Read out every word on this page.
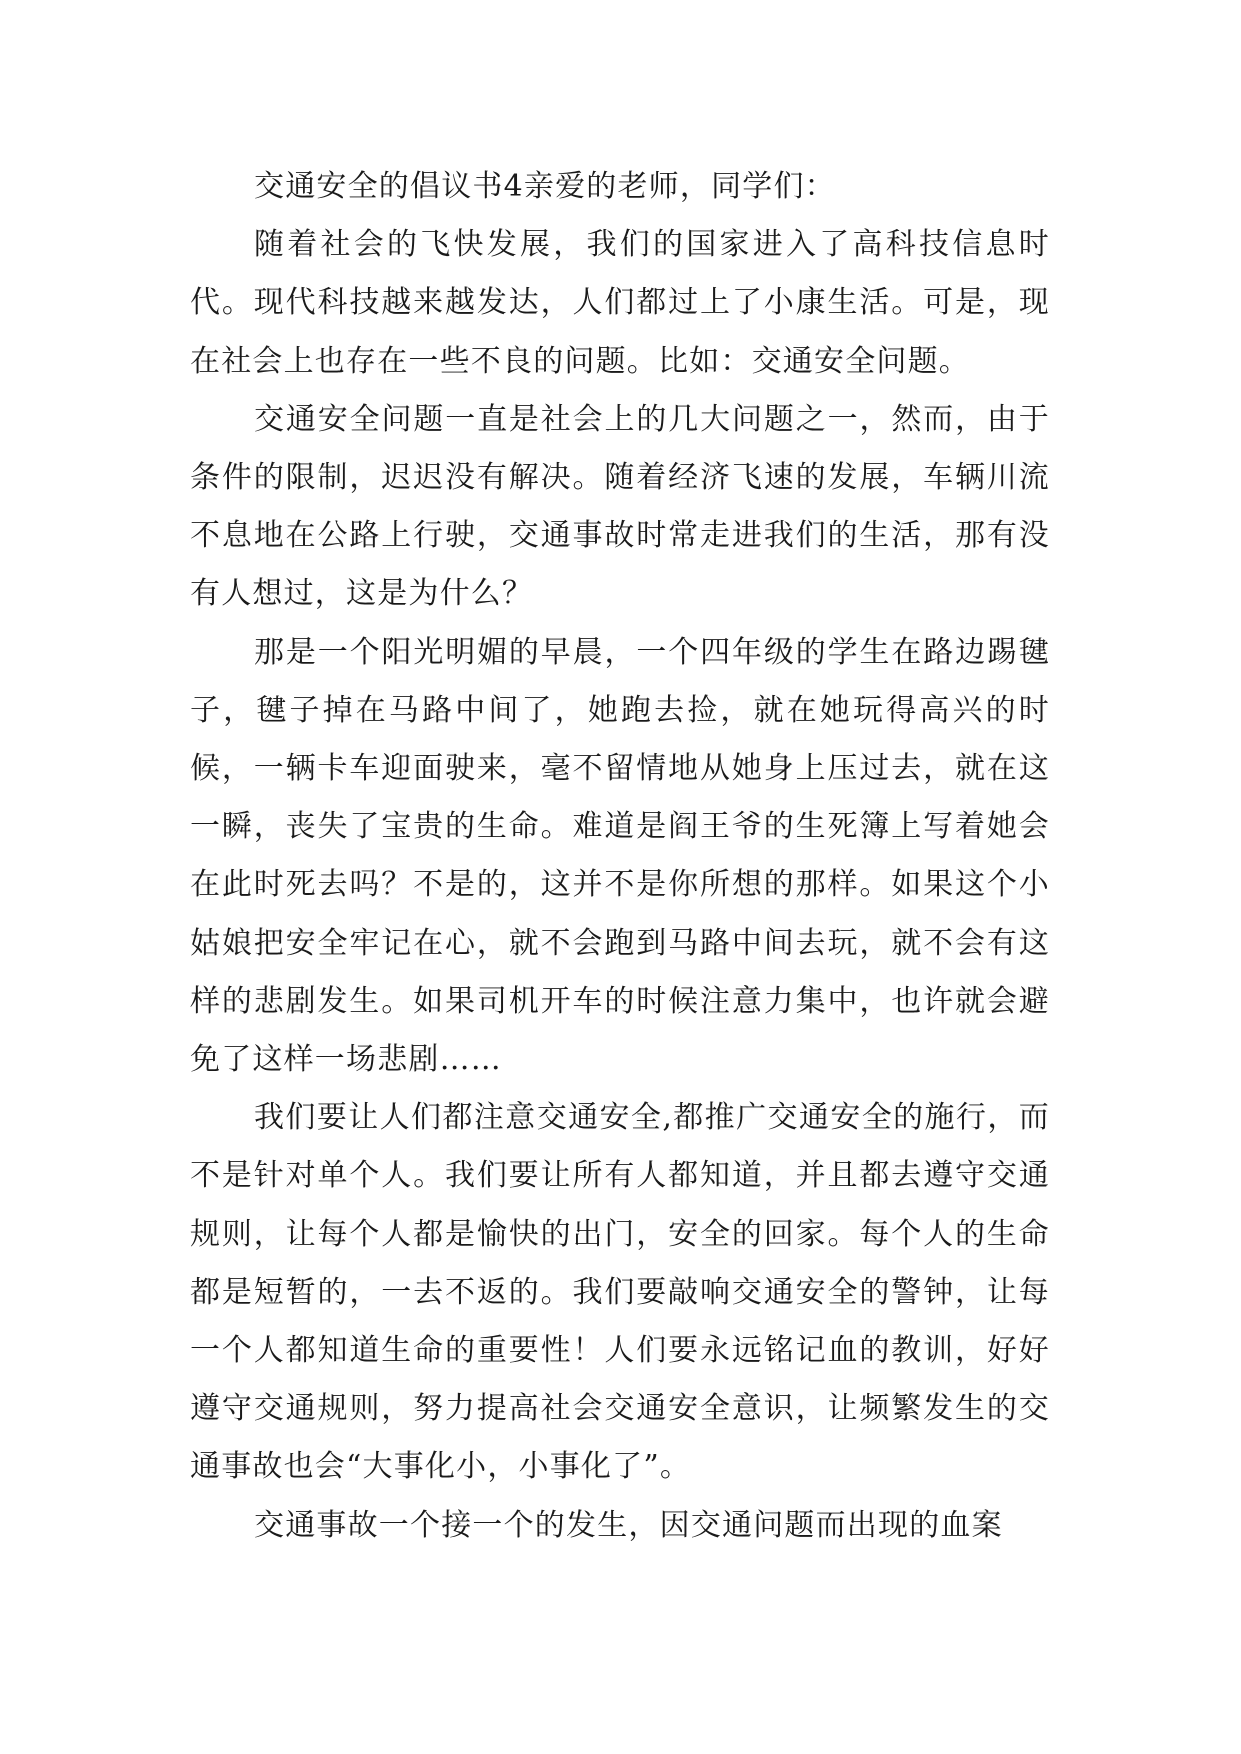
交通安全的倡议书4亲爱的老师，同学们：

随着社会的飞快发展，我们的国家进入了高科技信息时代。现代科技越来越发达，人们都过上了小康生活。可是，现在社会上也存在一些不良的问题。比如：交通安全问题。

交通安全问题一直是社会上的几大问题之一，然而，由于条件的限制，迟迟没有解决。随着经济飞速的发展，车辆川流不息地在公路上行驶，交通事故时常走进我们的生活，那有没有人想过，这是为什么？

那是一个阳光明媚的早晨，一个四年级的学生在路边踢毽子，毽子掉在马路中间了，她跑去捡，就在她玩得高兴的时候，一辆卡车迎面驶来，毫不留情地从她身上压过去，就在这一瞬，丧失了宝贵的生命。难道是阎王爷的生死簿上写着她会在此时死去吗？不是的，这并不是你所想的那样。如果这个小姑娘把安全牢记在心，就不会跑到马路中间去玩，就不会有这样的悲剧发生。如果司机开车的时候注意力集中，也许就会避免了这样一场悲剧……

我们要让人们都注意交通安全,都推广交通安全的施行，而不是针对单个人。我们要让所有人都知道，并且都去遵守交通规则，让每个人都是愉快的出门，安全的回家。每个人的生命都是短暂的，一去不返的。我们要敲响交通安全的警钟，让每一个人都知道生命的重要性！人们要永远铭记血的教训，好好遵守交通规则，努力提高社会交通安全意识，让频繁发生的交通事故也会“大事化小，小事化了”。

交通事故一个接一个的发生，因交通问题而出现的血案
